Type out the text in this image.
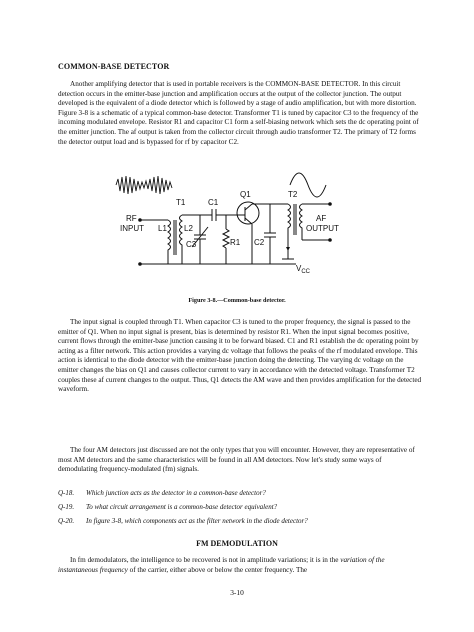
COMMON-BASE DETECTOR

Another amplifying detector that is used in portable receivers is the COMMON-BASE DETECTOR. In this circuit detection occurs in the emitter-base junction and amplification occurs at the output of the collector junction. The output developed is the equivalent of a diode detector which is followed by a stage of audio amplification, but with more distortion. Figure 3-8 is a schematic of a typical common-base detector. Transformer T1 is tuned by capacitor C3 to the frequency of the incoming modulated envelope. Resistor R1 and capacitor C1 form a self-biasing network which sets the dc operating point of the emitter junction. The af output is taken from the collector circuit through audio transformer T2. The primary of T2 forms the detector output load and is bypassed for rf by capacitor C2.

T1	C1
Q1	T2
RF
INPUT L1 L2
C3	R1 C2
AF
OUTPUT
$V_{CC}$
Figure 3-8.—Common-base detector.

The input signal is coupled through T1. When capacitor C3 is tuned to the proper frequency, the signal is passed to the emitter of Q1. When no input signal is present, bias is determined by resistor R1. When the input signal becomes positive, current flows through the emitter-base junction causing it to be forward biased. C1 and R1 establish the dc operating point by acting as a filter network. This action provides a varying dc voltage that follows the peaks of the rf modulated envelope. This action is identical to the diode detector with the emitter-base junction doing the detecting. The varying dc voltage on the emitter changes the bias on Q1 and causes collector current to vary in accordance with the detected voltage. Transformer T2 couples these af current changes to the output. Thus, Q1 detects the AM wave and then provides amplification for the detected waveform.

The four AM detectors just discussed are not the only types that you will encounter. However, they are representative of most AM detectors and the same characteristics will be found in all AM detectors. Now let's study some ways of demodulating frequency-modulated (fm) signals.

Q-18. Which junction acts as the detector in a common-base detector?
Q-19. To what circuit arrangement is a common-base detector equivalent?
Q-20. In figure 3-8, which components act as the filter network in the diode detector?
FM DEMODULATION

In fm demodulators, the intelligence to be recovered is not in amplitude variations; it is in the variation of the instantaneous frequency of the carrier, either above or below the center frequency. The

3-10
